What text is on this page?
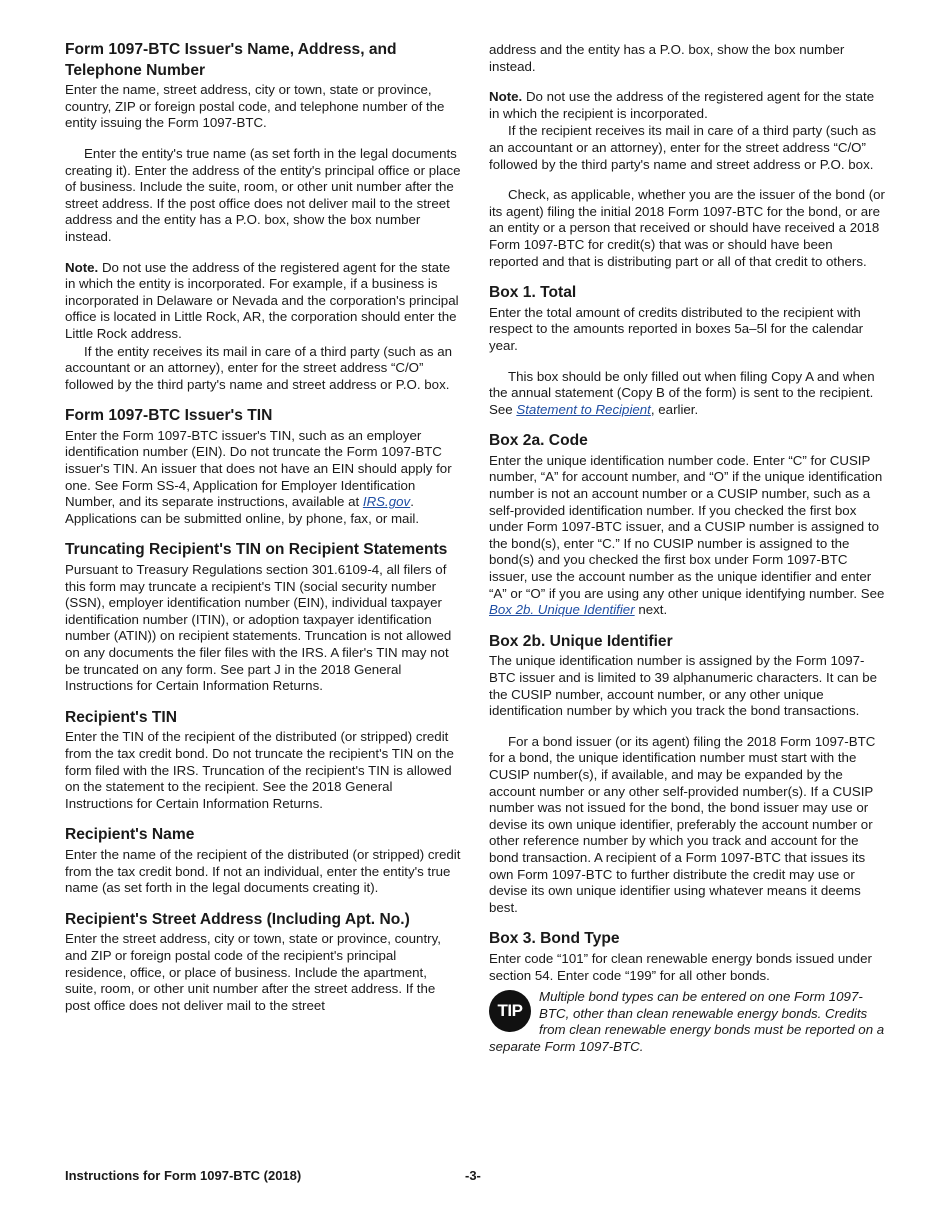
Form 1097-BTC Issuer's Name, Address, and Telephone Number

Enter the name, street address, city or town, state or province, country, ZIP or foreign postal code, and telephone number of the entity issuing the Form 1097-BTC.

Enter the entity's true name (as set forth in the legal documents creating it). Enter the address of the entity's principal office or place of business. Include the suite, room, or other unit number after the street address. If the post office does not deliver mail to the street address and the entity has a P.O. box, show the box number instead.

Note. Do not use the address of the registered agent for the state in which the entity is incorporated. For example, if a business is incorporated in Delaware or Nevada and the corporation's principal office is located in Little Rock, AR, the corporation should enter the Little Rock address.

If the entity receives its mail in care of a third party (such as an accountant or an attorney), enter for the street address “C/O” followed by the third party's name and street address or P.O. box.

Form 1097-BTC Issuer's TIN

Enter the Form 1097-BTC issuer's TIN, such as an employer identification number (EIN). Do not truncate the Form 1097-BTC issuer's TIN. An issuer that does not have an EIN should apply for one. See Form SS-4, Application for Employer Identification Number, and its separate instructions, available at IRS.gov. Applications can be submitted online, by phone, fax, or mail.

Truncating Recipient's TIN on Recipient Statements

Pursuant to Treasury Regulations section 301.6109-4, all filers of this form may truncate a recipient's TIN (social security number (SSN), employer identification number (EIN), individual taxpayer identification number (ITIN), or adoption taxpayer identification number (ATIN)) on recipient statements. Truncation is not allowed on any documents the filer files with the IRS. A filer's TIN may not be truncated on any form. See part J in the 2018 General Instructions for Certain Information Returns.

Recipient's TIN

Enter the TIN of the recipient of the distributed (or stripped) credit from the tax credit bond. Do not truncate the recipient's TIN on the form filed with the IRS. Truncation of the recipient's TIN is allowed on the statement to the recipient. See the 2018 General Instructions for Certain Information Returns.

Recipient's Name

Enter the name of the recipient of the distributed (or stripped) credit from the tax credit bond. If not an individual, enter the entity's true name (as set forth in the legal documents creating it).

Recipient's Street Address (Including Apt. No.)

Enter the street address, city or town, state or province, country, and ZIP or foreign postal code of the recipient's principal residence, office, or place of business. Include the apartment, suite, room, or other unit number after the street address. If the post office does not deliver mail to the street

address and the entity has a P.O. box, show the box number instead.

Note. Do not use the address of the registered agent for the state in which the recipient is incorporated.

If the recipient receives its mail in care of a third party (such as an accountant or an attorney), enter for the street address “C/O” followed by the third party's name and street address or P.O. box.

Check, as applicable, whether you are the issuer of the bond (or its agent) filing the initial 2018 Form 1097-BTC for the bond, or are an entity or a person that received or should have received a 2018 Form 1097-BTC for credit(s) that was or should have been reported and that is distributing part or all of that credit to others.

Box 1. Total

Enter the total amount of credits distributed to the recipient with respect to the amounts reported in boxes 5a–5l for the calendar year.

This box should be only filled out when filing Copy A and when the annual statement (Copy B of the form) is sent to the recipient. See Statement to Recipient, earlier.

Box 2a. Code

Enter the unique identification number code. Enter “C” for CUSIP number, “A” for account number, and “O” if the unique identification number is not an account number or a CUSIP number, such as a self-provided identification number. If you checked the first box under Form 1097-BTC issuer, and a CUSIP number is assigned to the bond(s), enter “C.” If no CUSIP number is assigned to the bond(s) and you checked the first box under Form 1097-BTC issuer, use the account number as the unique identifier and enter “A” or “O” if you are using any other unique identifying number. See Box 2b. Unique Identifier next.

Box 2b. Unique Identifier

The unique identification number is assigned by the Form 1097-BTC issuer and is limited to 39 alphanumeric characters. It can be the CUSIP number, account number, or any other unique identification number by which you track the bond transactions.

For a bond issuer (or its agent) filing the 2018 Form 1097-BTC for a bond, the unique identification number must start with the CUSIP number(s), if available, and may be expanded by the account number or any other self-provided number(s). If a CUSIP number was not issued for the bond, the bond issuer may use or devise its own unique identifier, preferably the account number or other reference number by which you track and account for the bond transaction. A recipient of a Form 1097-BTC that issues its own Form 1097-BTC to further distribute the credit may use or devise its own unique identifier using whatever means it deems best.

Box 3. Bond Type

Enter code “101” for clean renewable energy bonds issued under section 54. Enter code “199” for all other bonds.

TIP
Multiple bond types can be entered on one Form 1097-BTC, other than clean renewable energy bonds. Credits from clean renewable energy bonds must be reported on a separate Form 1097-BTC.
Instructions for Form 1097-BTC (2018)	-3-
